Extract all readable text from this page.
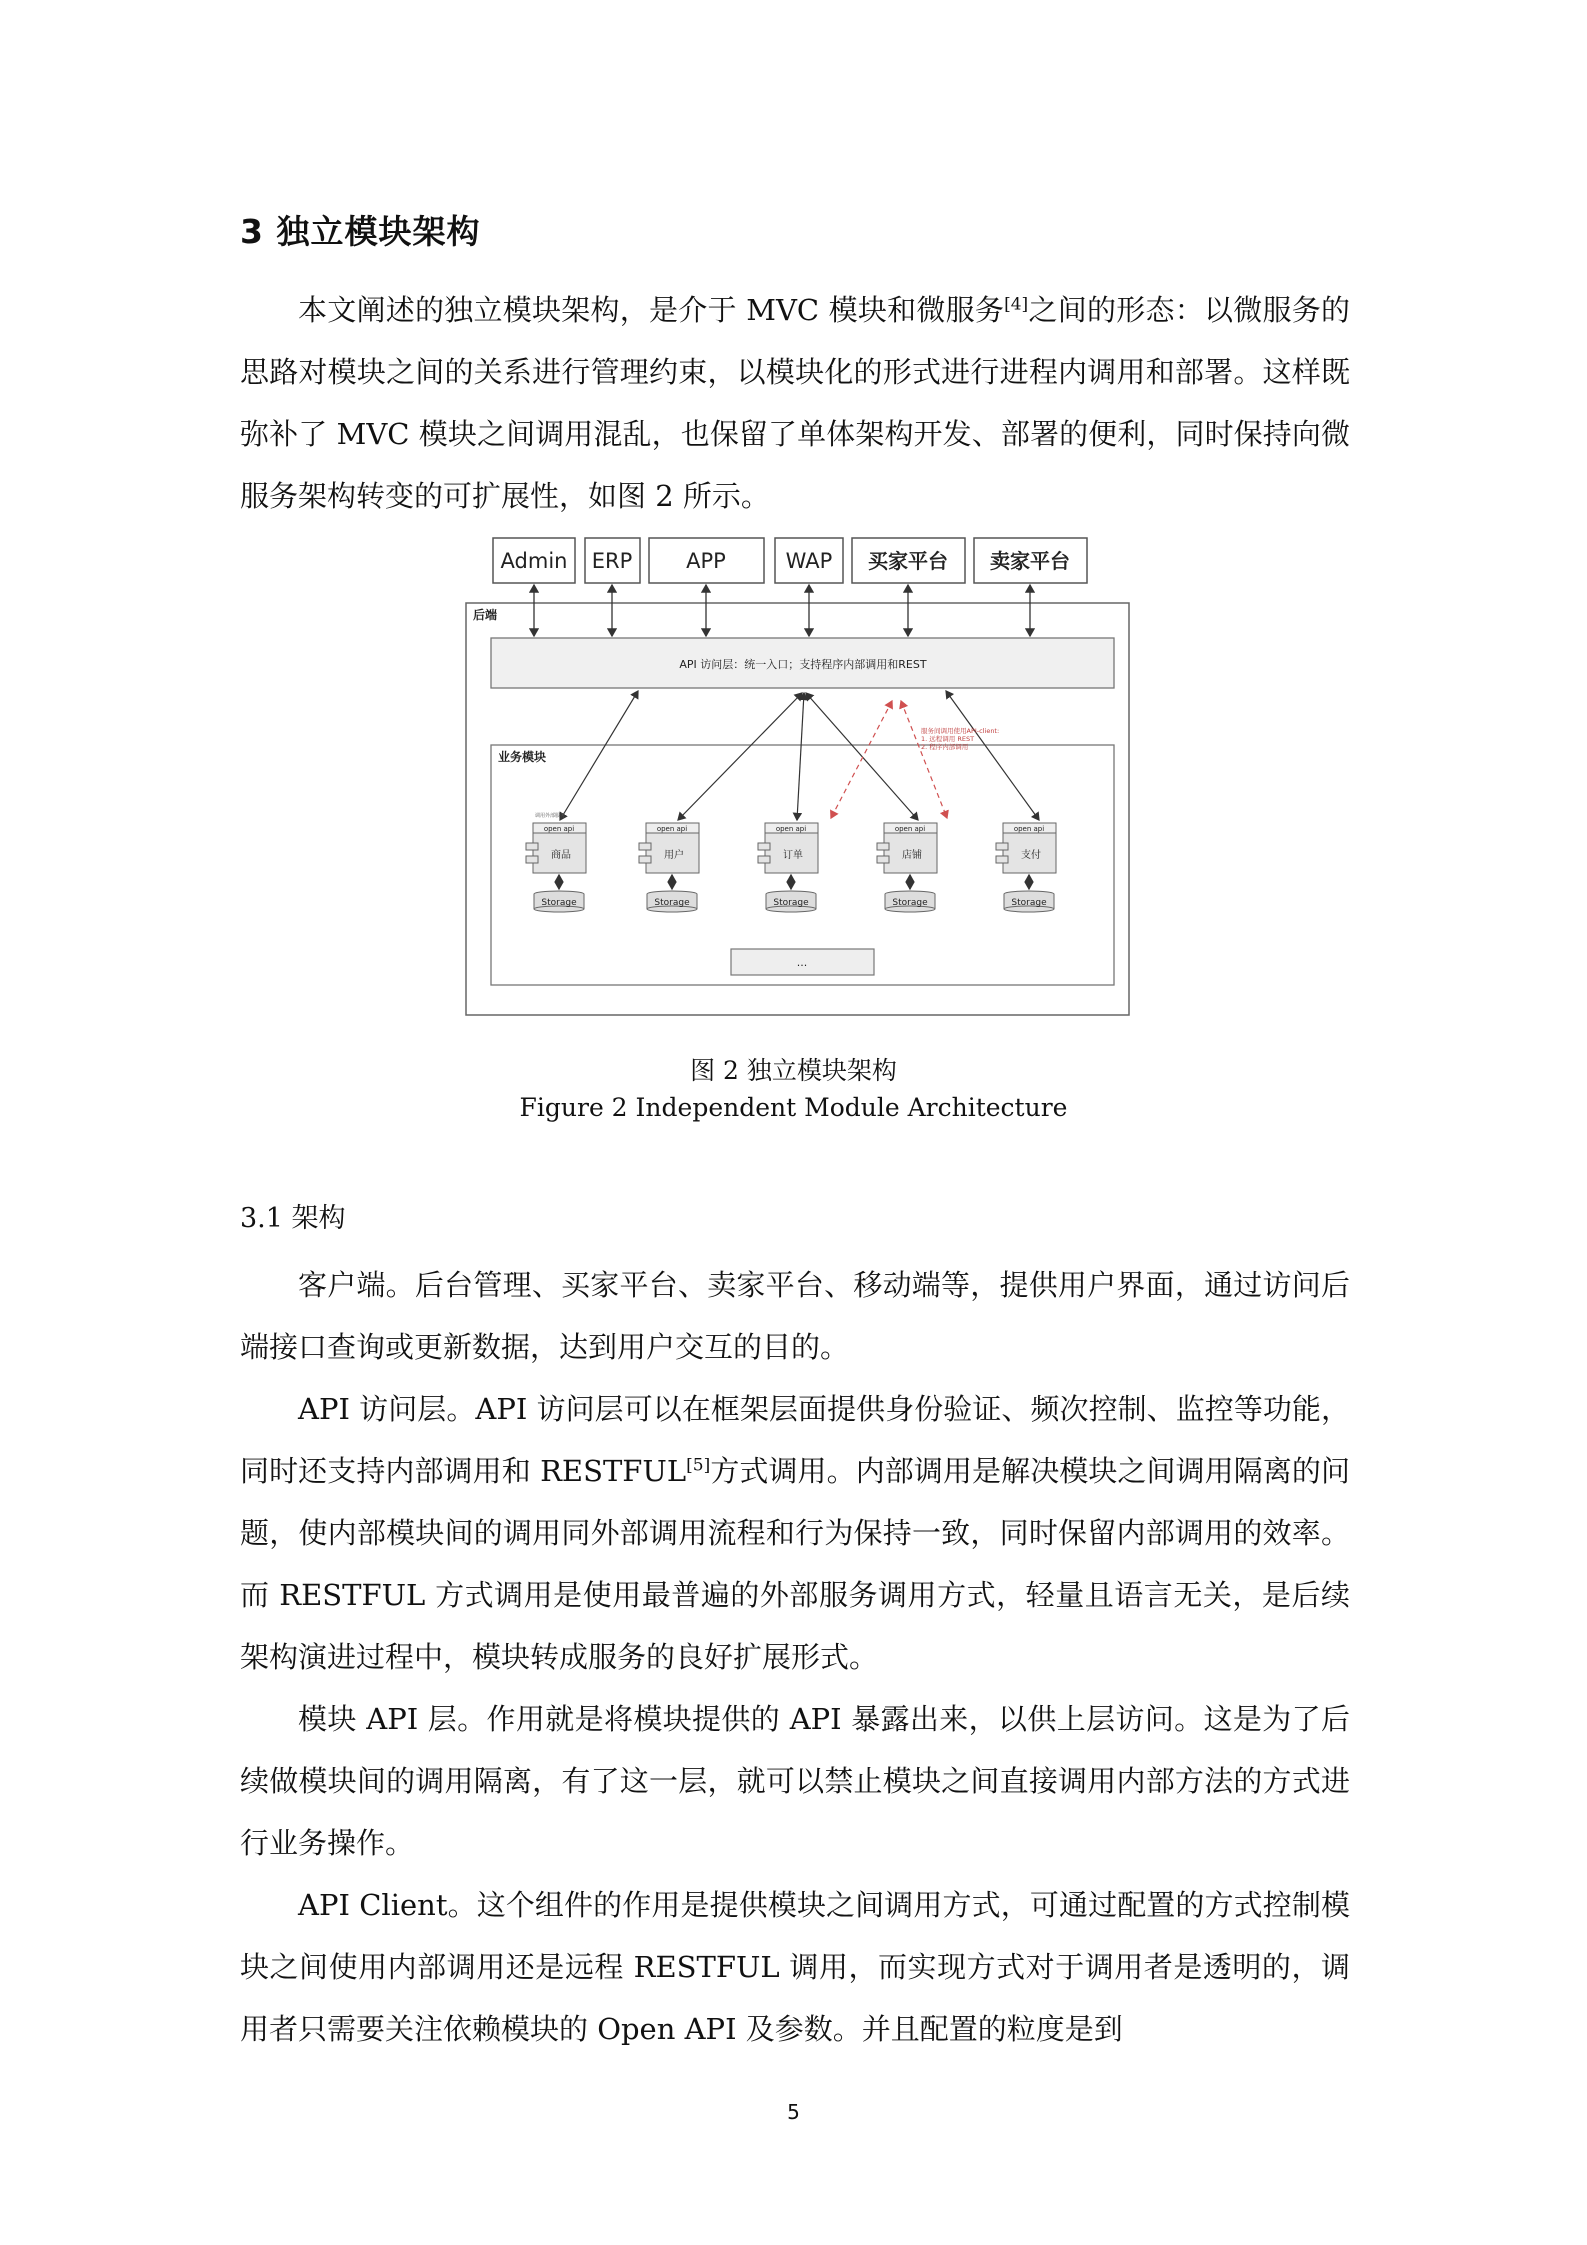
3 独立模块架构

本文阐述的独立模块架构，是介于 MVC 模块和微服务[4]之间的形态：以微服务的思路对模块之间的关系进行管理约束，以模块化的形式进行进程内调用和部署。这样既弥补了 MVC 模块之间调用混乱，也保留了单体架构开发、部署的便利，同时保持向微服务架构转变的可扩展性，如图 2 所示。

Admin ERP	APP	WAP 买家平台 卖家平台
后端
API 访问层：统一入口；支持程序内部调用和REST
业务模块
服务间调用使用API-client:
1. 远程调用 REST
2. 程序内部调用
调用外部服务
open api
商品
Storage
open api
用户
Storage
open api
订单
Storage
open api
店铺
Storage
open api
支付
Storage
...
图 2 独立模块架构
Figure 2 Independent Module Architecture
3.1 架构

客户端。后台管理、买家平台、卖家平台、移动端等，提供用户界面，通过访问后端接口查询或更新数据，达到用户交互的目的。

API 访问层。API 访问层可以在框架层面提供身份验证、频次控制、监控等功能，同时还支持内部调用和 RESTFUL[5]方式调用。内部调用是解决模块之间调用隔离的问题，使内部模块间的调用同外部调用流程和行为保持一致，同时保留内部调用的效率。而 RESTFUL 方式调用是使用最普遍的外部服务调用方式，轻量且语言无关，是后续架构演进过程中，模块转成服务的良好扩展形式。

模块 API 层。作用就是将模块提供的 API 暴露出来，以供上层访问。这是为了后续做模块间的调用隔离，有了这一层，就可以禁止模块之间直接调用内部方法的方式进行业务操作。

API Client。这个组件的作用是提供模块之间调用方式，可通过配置的方式控制模块之间使用内部调用还是远程 RESTFUL 调用，而实现方式对于调用者是透明的，调用者只需要关注依赖模块的 Open API 及参数。并且配置的粒度是到

5
